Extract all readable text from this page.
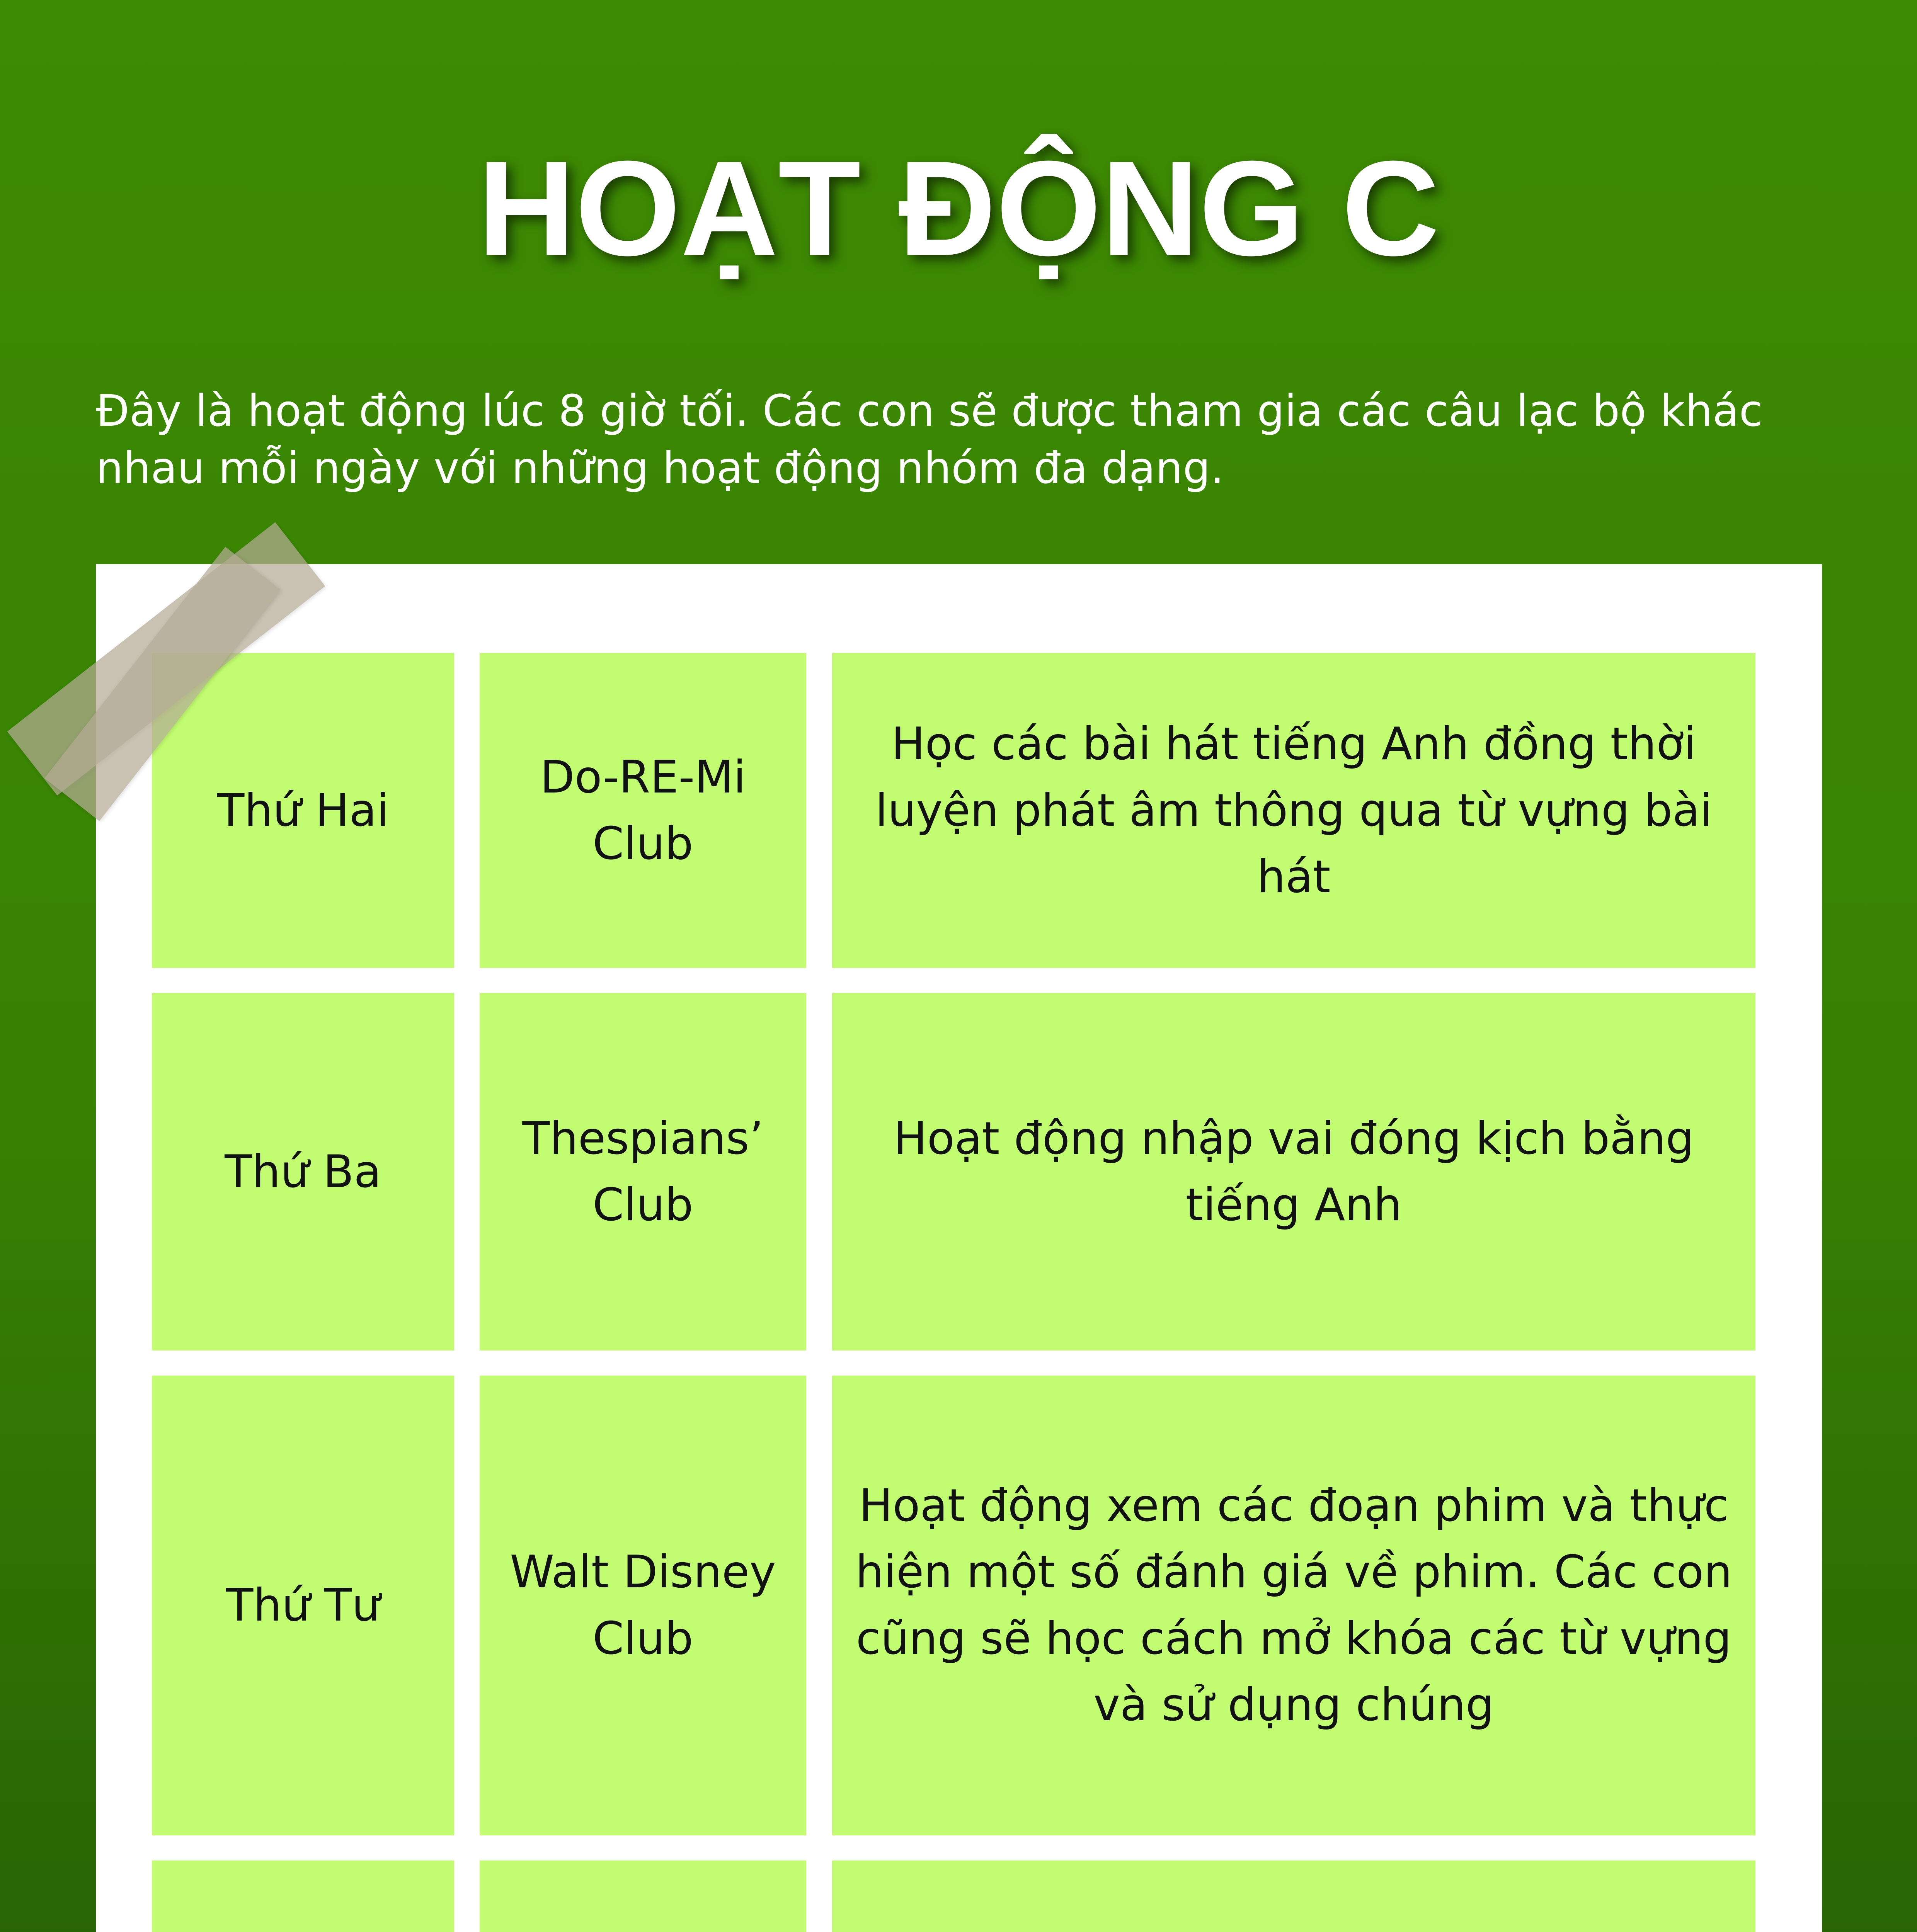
HOẠT ĐỘNG C

Đây là hoạt động lúc 8 giờ tối. Các con sẽ được tham gia các câu lạc bộ khác nhau mỗi ngày với những hoạt động nhóm đa dạng.

Thứ Hai
Do-RE-Mi Club
Học các bài hát tiếng Anh đồng thời luyện phát âm thông qua từ vựng bài hát
Thứ Ba
Thespians’ Club
Hoạt động nhập vai đóng kịch bằng tiếng Anh
Thứ Tư
Walt Disney Club
Hoạt động xem các đoạn phim và thực hiện một số đánh giá về phim. Các con cũng sẽ học cách mở khóa các từ vựng và sử dụng chúng
